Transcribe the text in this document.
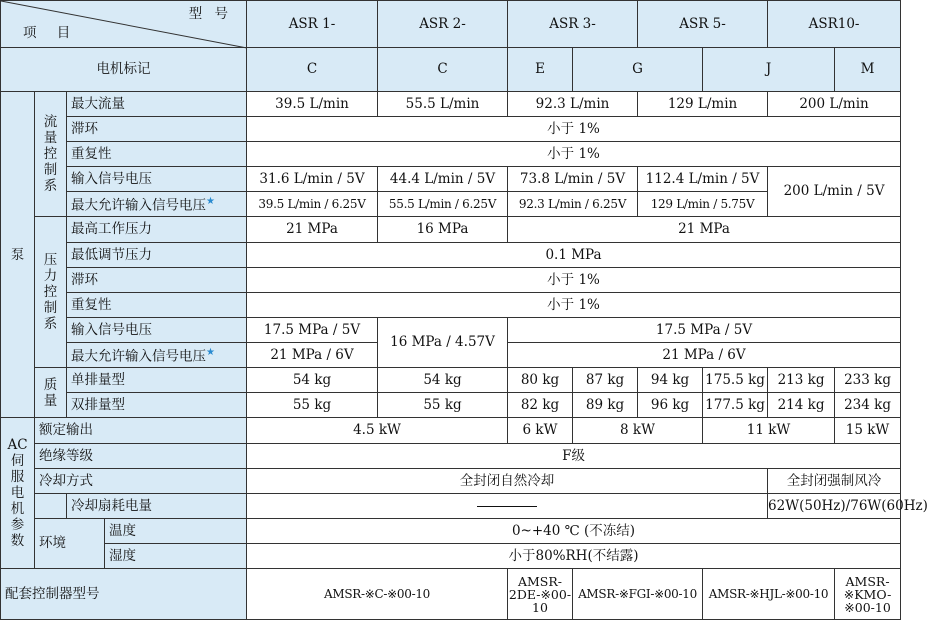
型 号
项 目				ASR 1-	ASR 2-	ASR 3-		ASR 5-		ASR10-	
电机标记				C	C	E	G		J		M
泵	流量控制系	最大流量		39.5 L/min	55.5 L/min	92.3 L/min		129 L/min		200 L/min	
		滞环		小于 1%							
		重复性		小于 1%							
		输入信号电压		31.6 L/min / 5V	44.4 L/min / 5V	73.8 L/min / 5V		112.4 L/min / 5V		200 L/min / 5V	
		最大允许输入信号电压★		39.5 L/min / 6.25V	55.5 L/min / 6.25V	92.3 L/min / 6.25V		129 L/min / 5.75V			
	压力控制系	最高工作压力		21 MPa	16 MPa	21 MPa					
		最低调节压力		0.1 MPa							
		滞环		小于 1%							
		重复性		小于 1%							
		输入信号电压		17.5 MPa / 5V	16 MPa / 4.57V	17.5 MPa / 5V					
		最大允许输入信号电压★		21 MPa / 6V		21 MPa / 6V					
	质量	单排量型		54 kg	54 kg	80 kg	87 kg	94 kg	175.5 kg	213 kg	233 kg
		双排量型		55 kg	55 kg	82 kg	89 kg	96 kg	177.5 kg	214 kg	234 kg
AC伺服电机参数	额定输出			4.5 kW		6 kW	8 kW		11 kW		15 kW
	绝缘等级			F级							
	冷却方式			全封闭自然冷却						全封闭强制风冷	
		冷却扇耗电量								62W(50Hz)/76W(60Hz)	
	环境		温度	0~+40 ℃ (不冻结)							
			湿度	小于80%RH(不结露)							

配套控制器型号				AMSR-※C-※00-10		AMSR-2DE-※00-10	AMSR-※FGI-※00-10		AMSR-※HJL-※00-10		AMSR-※KMO-※00-10
